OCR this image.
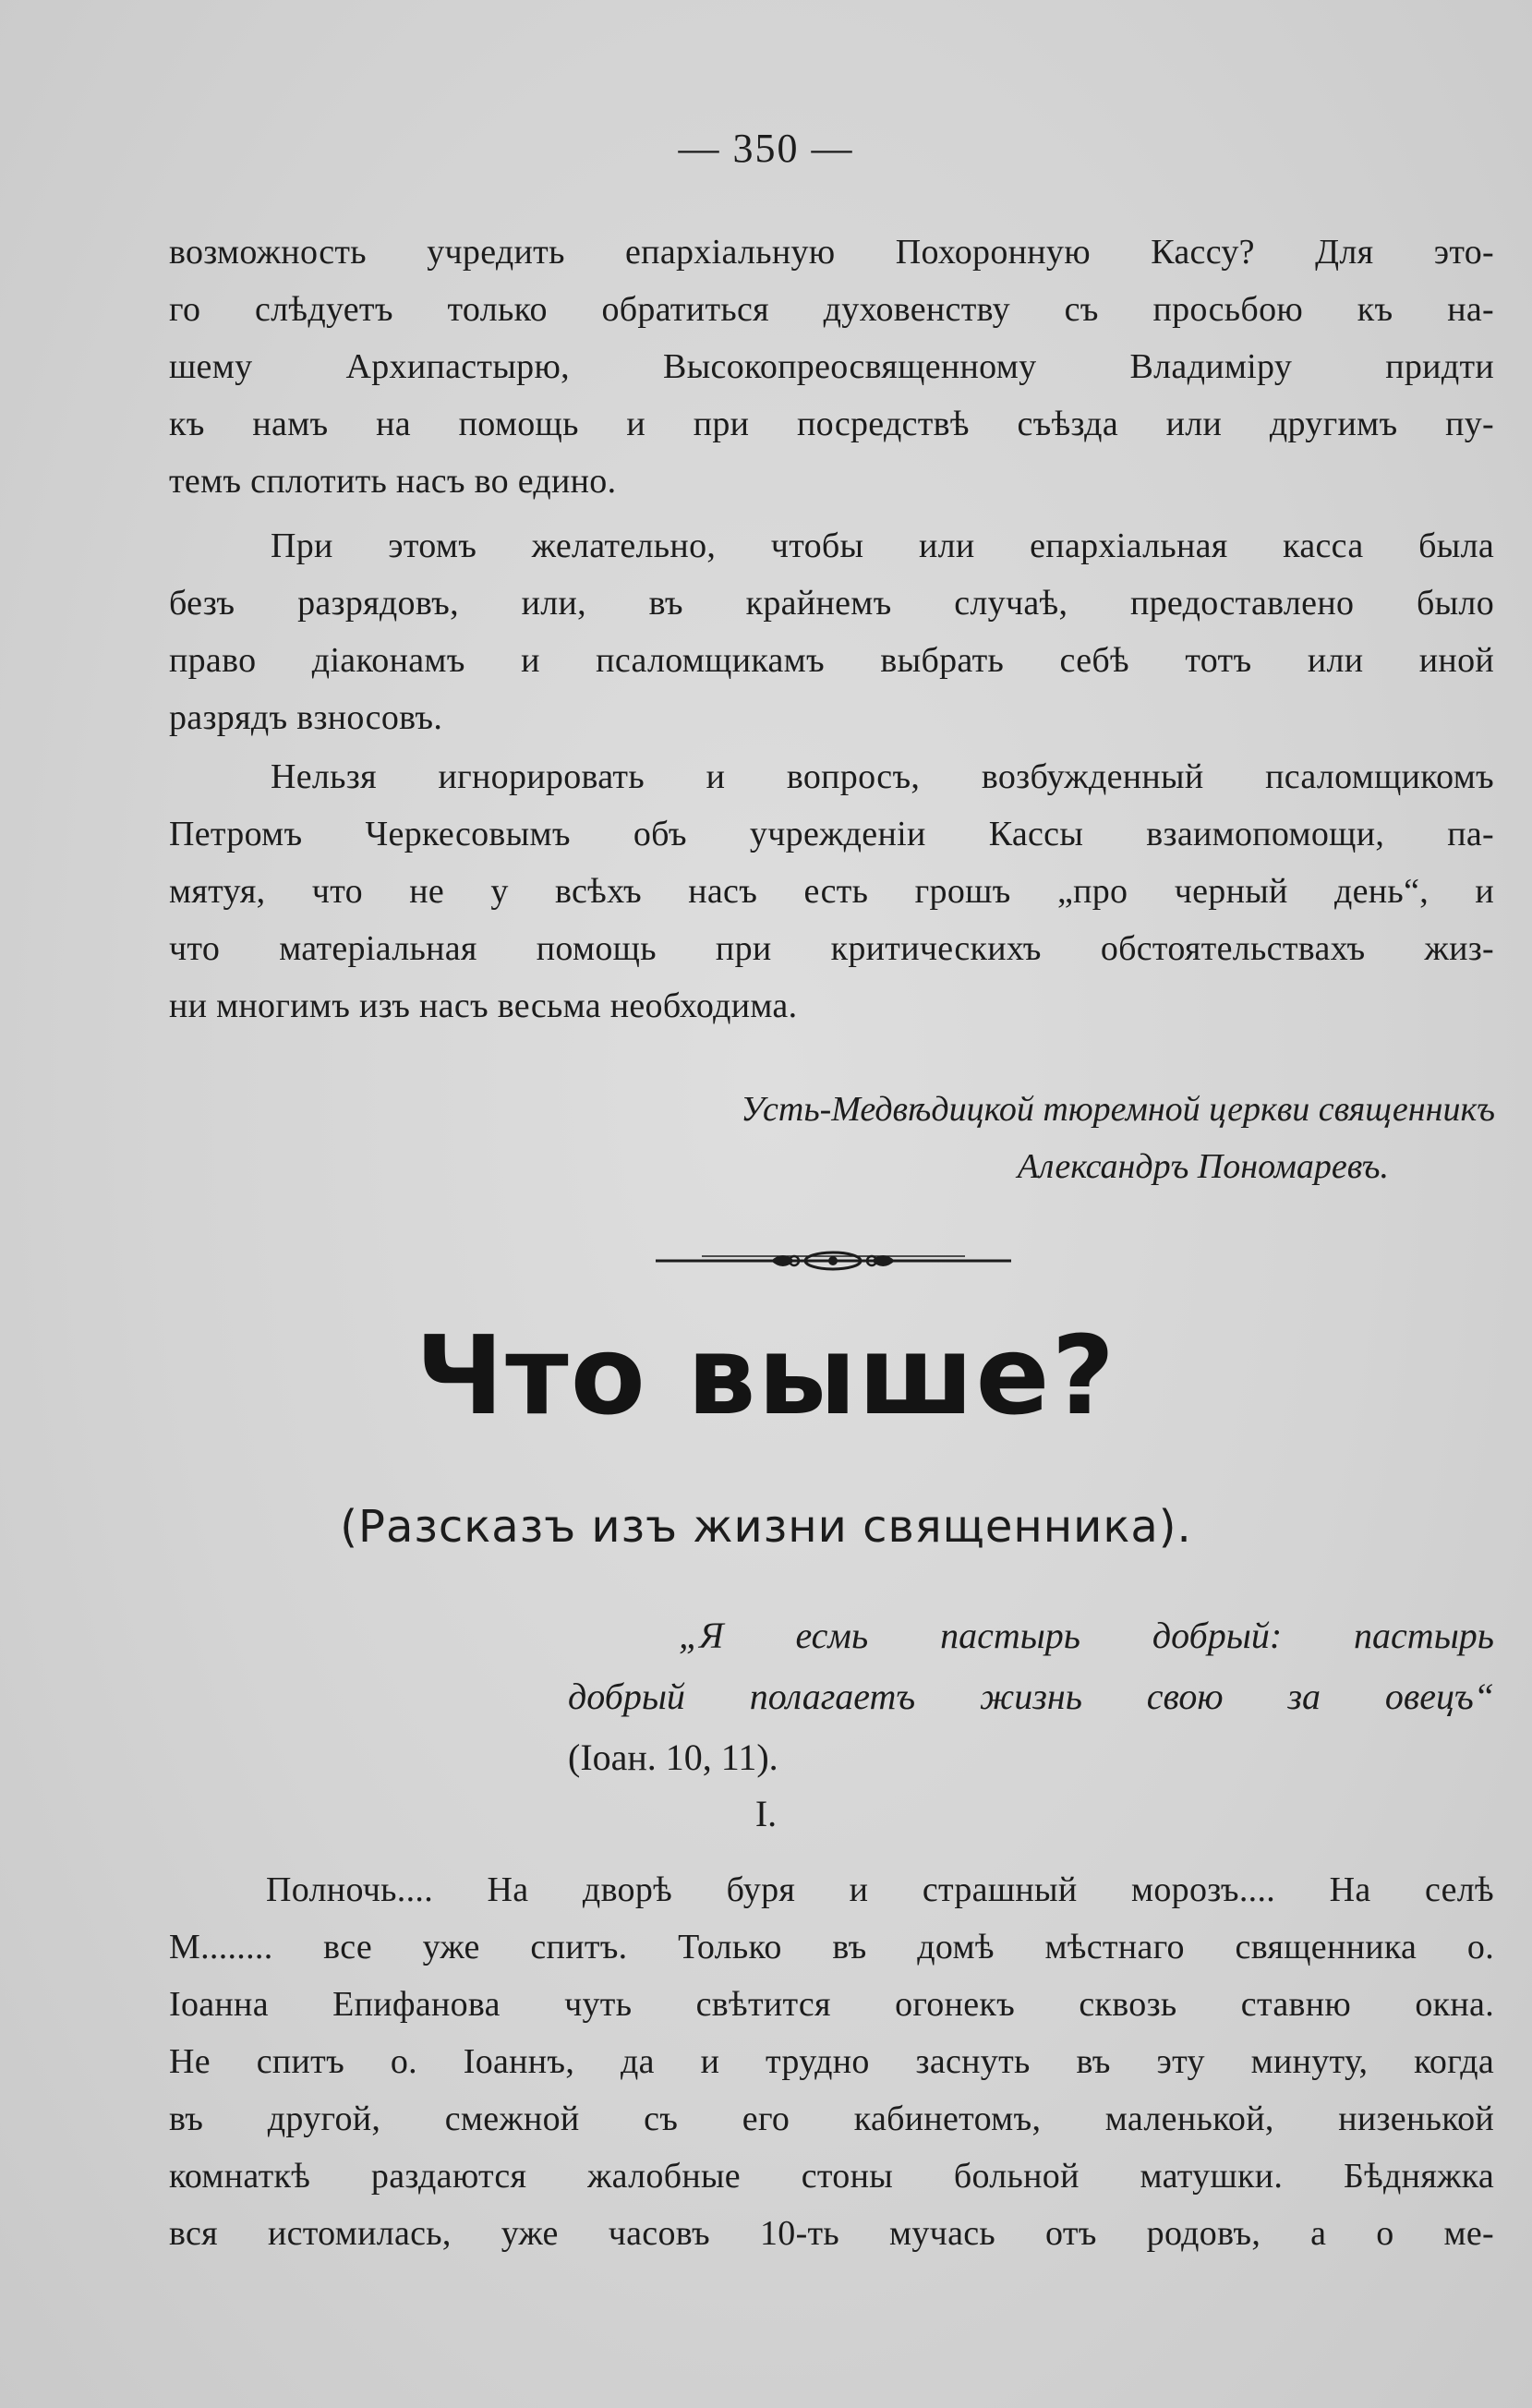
— 350 —
возможность учредить епархіальную Похоронную Кассу? Для это-
го слѣдуетъ только обратиться духовенству съ просьбою къ на-
шему Архипастырю, Высокопреосвященному Владиміру придти
къ намъ на помощь и при посредствѣ съѣзда или другимъ пу-
темъ сплотить насъ во едино.
При этомъ желательно, чтобы или епархіальная касса была
безъ разрядовъ, или, въ крайнемъ случаѣ, предоставлено было
право діаконамъ и псаломщикамъ выбрать себѣ тотъ или иной
разрядъ взносовъ.
Нельзя игнорировать и вопросъ, возбужденный псаломщикомъ
Петромъ Черкесовымъ объ учрежденіи Кассы взаимопомощи, па-
мятуя, что не у всѣхъ насъ есть грошъ „про черный день“, и
что матеріальная помощь при критическихъ обстоятельствахъ жиз-
ни многимъ изъ насъ весьма необходима.
Усть-Медвѣдицкой тюремной церкви священникъ
Александръ Пономаревъ.
Что выше?
(Разсказъ изъ жизни священника).
„Я есмь пастырь добрый: пастырь
добрый полагаетъ жизнь свою за овецъ“
(Іоан. 10, 11).
I.
Полночь.... На дворѣ буря и страшный морозъ.... На селѣ
М........ все уже спитъ. Только въ домѣ мѣстнаго священника о.
Іоанна Епифанова чуть свѣтится огонекъ сквозь ставню окна.
Не спитъ о. Іоаннъ, да и трудно заснуть въ эту минуту, когда
въ другой, смежной съ его кабинетомъ, маленькой, низенькой
комнаткѣ раздаются жалобные стоны больной матушки. Бѣдняжка
вся истомилась, уже часовъ 10-ть мучась отъ родовъ, а о ме-
